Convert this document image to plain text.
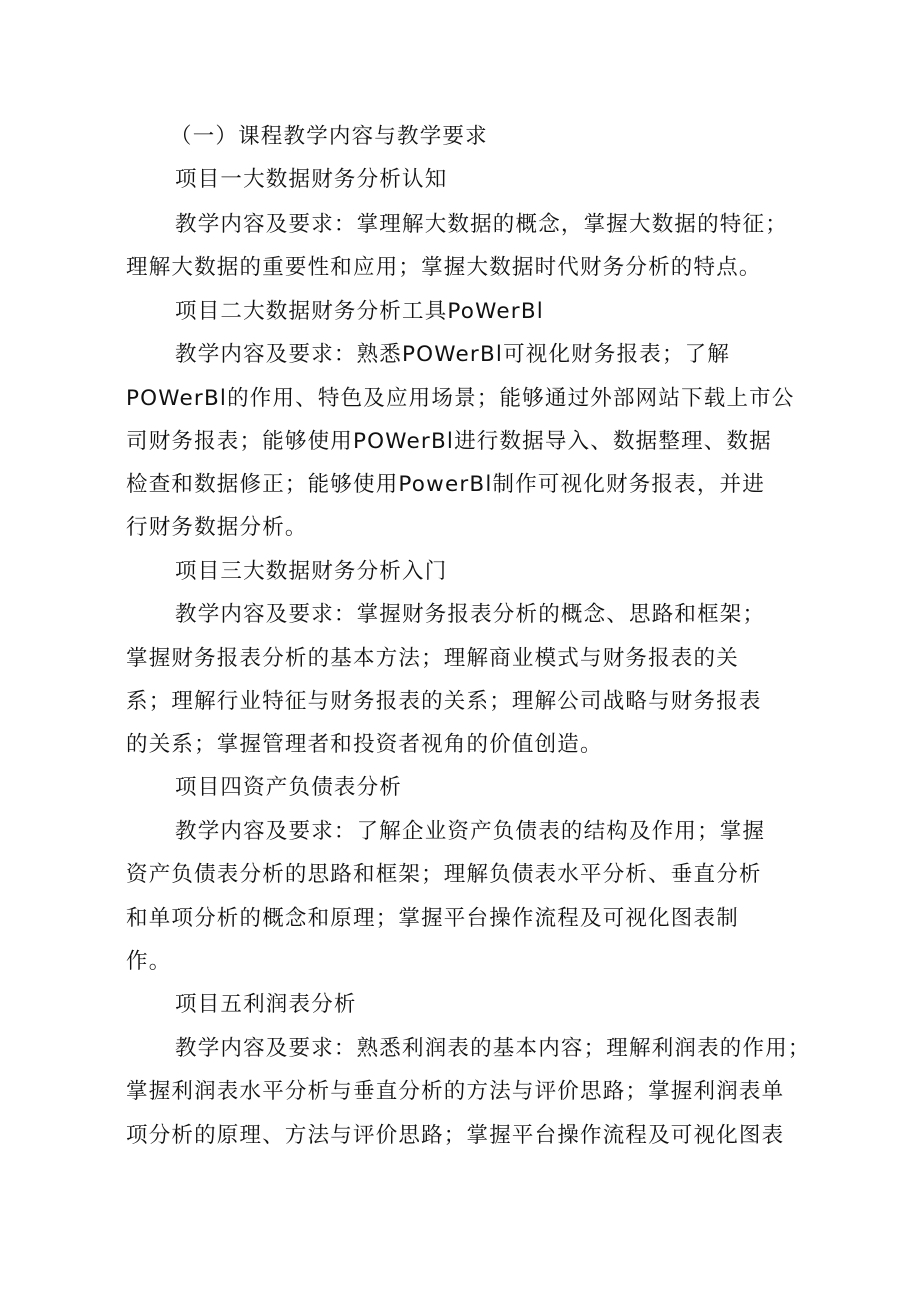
（一）课程教学内容与教学要求
项目一大数据财务分析认知
教学内容及要求：掌理解大数据的概念，掌握大数据的特征；
理解大数据的重要性和应用；掌握大数据时代财务分析的特点。
项目二大数据财务分析工具PoWerBl
教学内容及要求：熟悉POWerBl可视化财务报表；了解
POWerBl的作用、特色及应用场景；能够通过外部网站下载上市公
司财务报表；能够使用POWerBl进行数据导入、数据整理、数据
检查和数据修正；能够使用PowerBl制作可视化财务报表，并进
行财务数据分析。
项目三大数据财务分析入门
教学内容及要求：掌握财务报表分析的概念、思路和框架；
掌握财务报表分析的基本方法；理解商业模式与财务报表的关
系；理解行业特征与财务报表的关系；理解公司战略与财务报表
的关系；掌握管理者和投资者视角的价值创造。
项目四资产负债表分析
教学内容及要求：了解企业资产负债表的结构及作用；掌握
资产负债表分析的思路和框架；理解负债表水平分析、垂直分析
和单项分析的概念和原理；掌握平台操作流程及可视化图表制
作。
项目五利润表分析
教学内容及要求：熟悉利润表的基本内容；理解利润表的作用；
掌握利润表水平分析与垂直分析的方法与评价思路；掌握利润表单
项分析的原理、方法与评价思路；掌握平台操作流程及可视化图表
